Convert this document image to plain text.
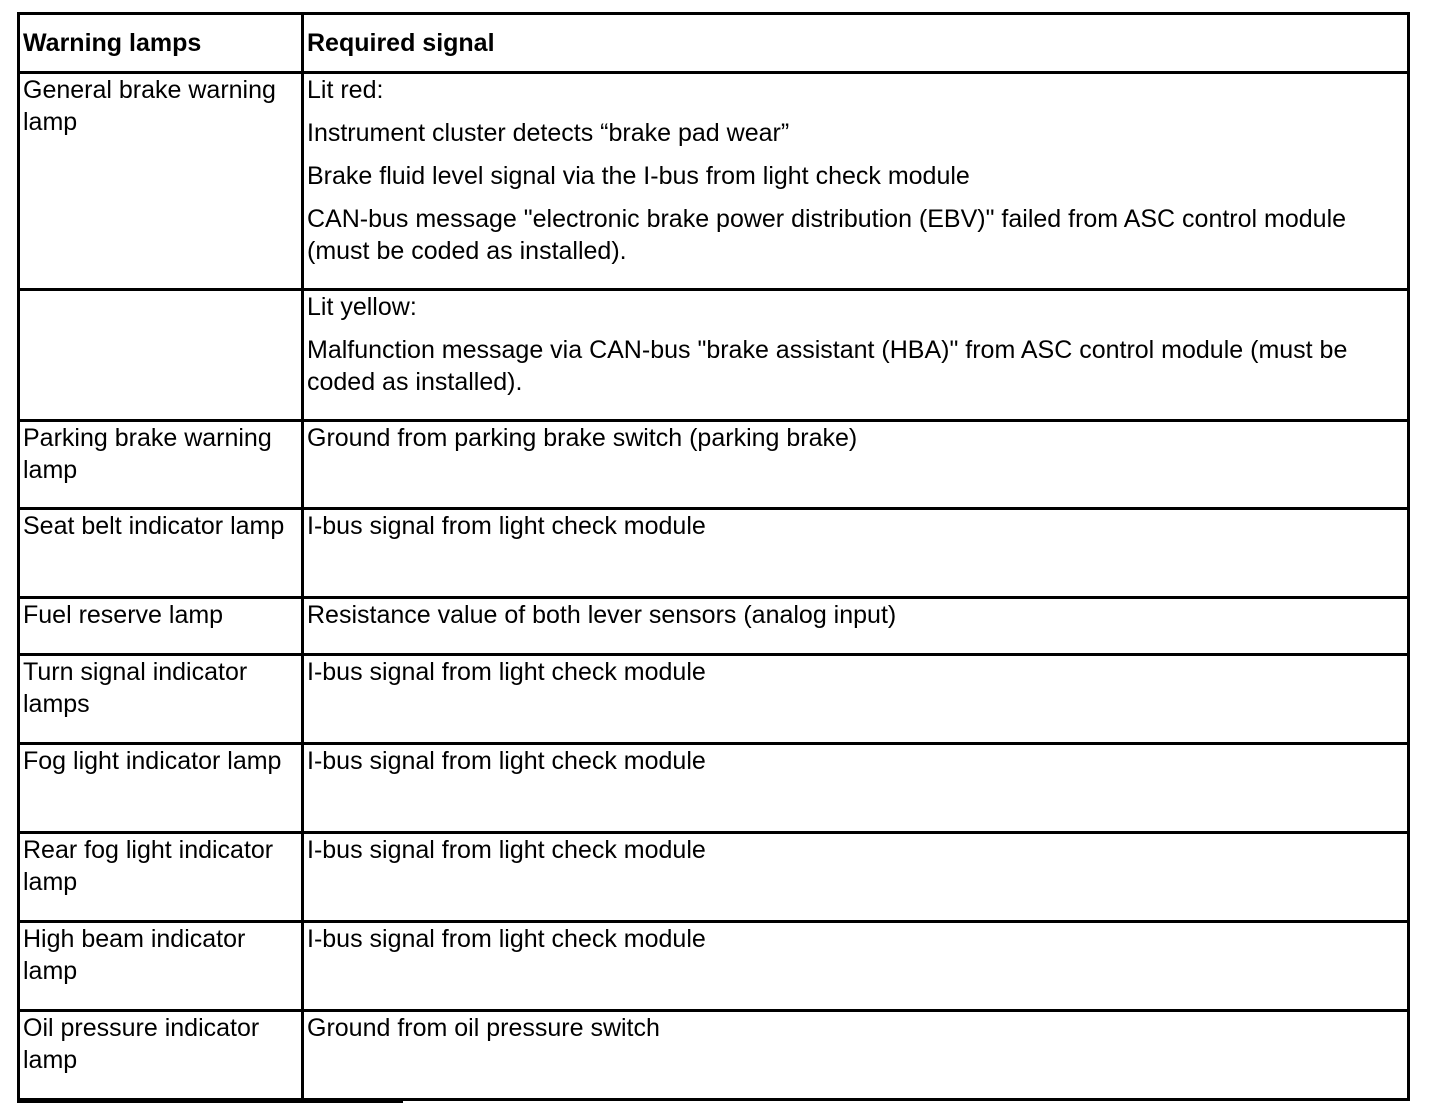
Warning lamps	Required signal
General brake warning lamp	Lit red:

Instrument cluster detects “brake pad wear”

Brake fluid level signal via the I-bus from light check module

CAN-bus message "electronic brake power distribution (EBV)" failed from ASC control module (must be coded as installed).

	Lit yellow:

Malfunction message via CAN-bus "brake assistant (HBA)" from ASC control module (must be coded as installed).

Parking brake warning lamp	Ground from parking brake switch (parking brake)

Seat belt indicator lamp	I-bus signal from light check module

Fuel reserve lamp	Resistance value of both lever sensors (analog input)

Turn signal indicator lamps	I-bus signal from light check module

Fog light indicator lamp	I-bus signal from light check module

Rear fog light indicator lamp	I-bus signal from light check module

High beam indicator lamp	I-bus signal from light check module

Oil pressure indicator lamp	Ground from oil pressure switch
